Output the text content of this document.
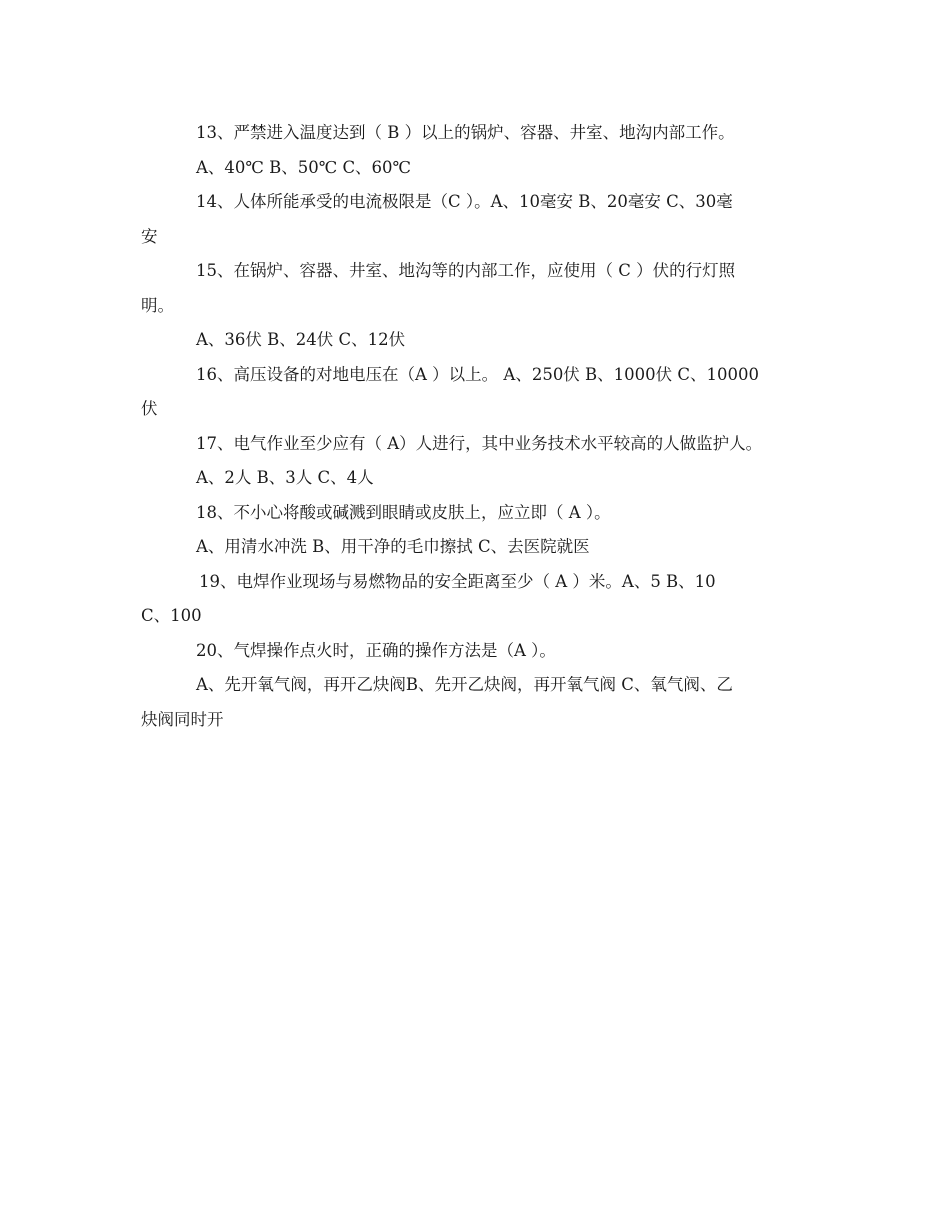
13、严禁进入温度达到（ B ）以上的锅炉、容器、井室、地沟内部工作。
A、40℃ B、50℃ C、60℃
14、人体所能承受的电流极限是（C ）。A、10毫安 B、20毫安 C、30毫
安
15、在锅炉、容器、井室、地沟等的内部工作，应使用（ C ）伏的行灯照
明。
A、36伏 B、24伏 C、12伏
16、高压设备的对地电压在（A ）以上。 A、250伏 B、1000伏 C、10000
伏
17、电气作业至少应有（ A）人进行，其中业务技术水平较高的人做监护人。
A、2人 B、3人 C、4人
18、不小心将酸或碱溅到眼睛或皮肤上，应立即（ A ）。
A、用清水冲洗 B、用干净的毛巾擦拭 C、去医院就医
19、电焊作业现场与易燃物品的安全距离至少（ A ）米。A、5 B、10
C、100
20、气焊操作点火时，正确的操作方法是（A ）。
A、先开氧气阀，再开乙炔阀B、先开乙炔阀，再开氧气阀 C、氧气阀、乙
炔阀同时开
